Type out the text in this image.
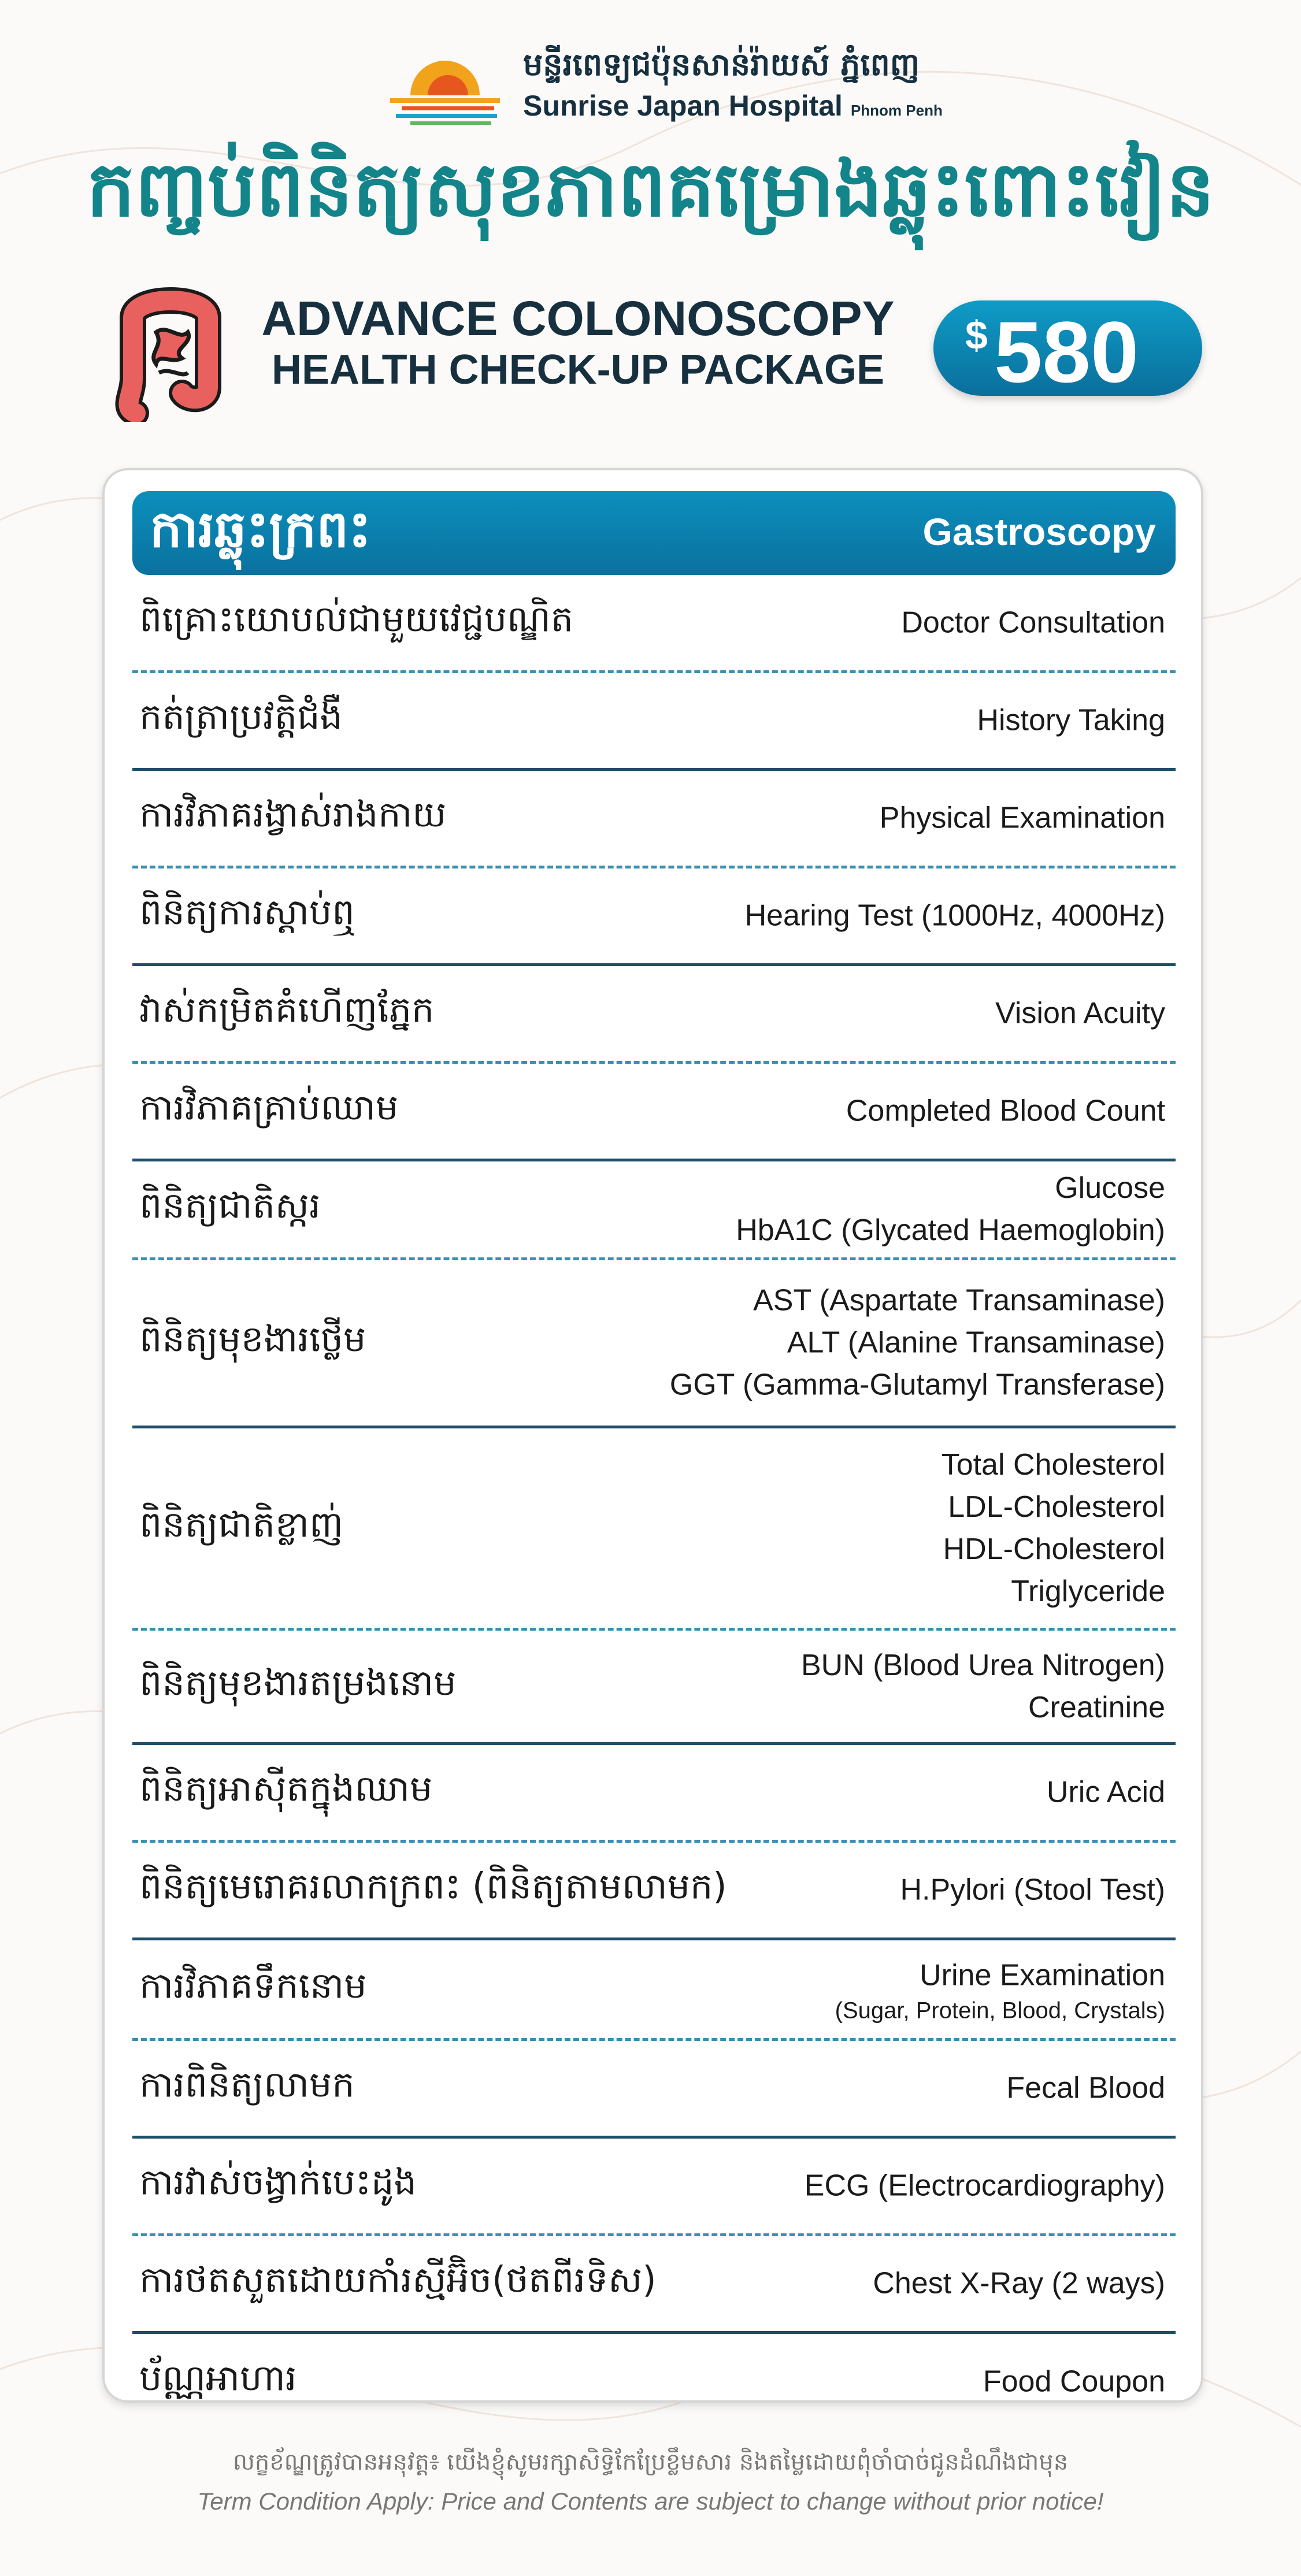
មន្ទីរពេទ្យជប៉ុនសាន់រ៉ាយស៍ ភ្នំពេញ
Sunrise Japan Hospital Phnom Penh
កញ្ចប់ពិនិត្យសុខភាពគម្រោងឆ្លុះពោះវៀន
ADVANCE COLONOSCOPY
HEALTH CHECK-UP PACKAGE
$ 580
ការឆ្លុះក្រពះ	Gastroscopy
ពិគ្រោះយោបល់ជាមួយវេជ្ជបណ្ឌិត	Doctor Consultation
កត់ត្រាប្រវត្តិជំងឺ	History Taking
ការវិភាគរង្វាស់រាងកាយ	Physical Examination
ពិនិត្យការស្តាប់ឮ	Hearing Test (1000Hz, 4000Hz)
វាស់កម្រិតគំហើញភ្នែក	Vision Acuity
ការវិភាគគ្រាប់ឈាម	Completed Blood Count
ពិនិត្យជាតិស្ករ	Glucose
HbA1C (Glycated Haemoglobin)
ពិនិត្យមុខងារថ្លើម
AST (Aspartate Transaminase)
ALT (Alanine Transaminase)
GGT (Gamma-Glutamyl Transferase)
ពិនិត្យជាតិខ្លាញ់
Total Cholesterol
LDL-Cholesterol
HDL-Cholesterol
Triglyceride
ពិនិត្យមុខងារតម្រងនោម	BUN (Blood Urea Nitrogen)
Creatinine
ពិនិត្យអាស៊ីតក្នុងឈាម	Uric Acid
ពិនិត្យមេរោគរលាកក្រពះ (ពិនិត្យតាមលាមក)	H.Pylori (Stool Test)
ការវិភាគទឹកនោម	Urine Examination
(Sugar, Protein, Blood, Crystals)
ការពិនិត្យលាមក	Fecal Blood
ការវាស់ចង្វាក់បេះដូង	ECG (Electrocardiography)
ការថតសួតដោយកាំរស្មីអ៊ិច(ថតពីរទិស)	Chest X-Ray (2 ways)
ប័ណ្ណអាហារ	Food Coupon
លក្ខខ័ណ្ឌត្រូវបានអនុវត្ត៖ យើងខ្ញុំសូមរក្សាសិទ្ធិកែប្រែខ្លឹមសារ និងតម្លៃដោយពុំចាំបាច់ជូនដំណឹងជាមុន
Term Condition Apply: Price and Contents are subject to change without prior notice!
